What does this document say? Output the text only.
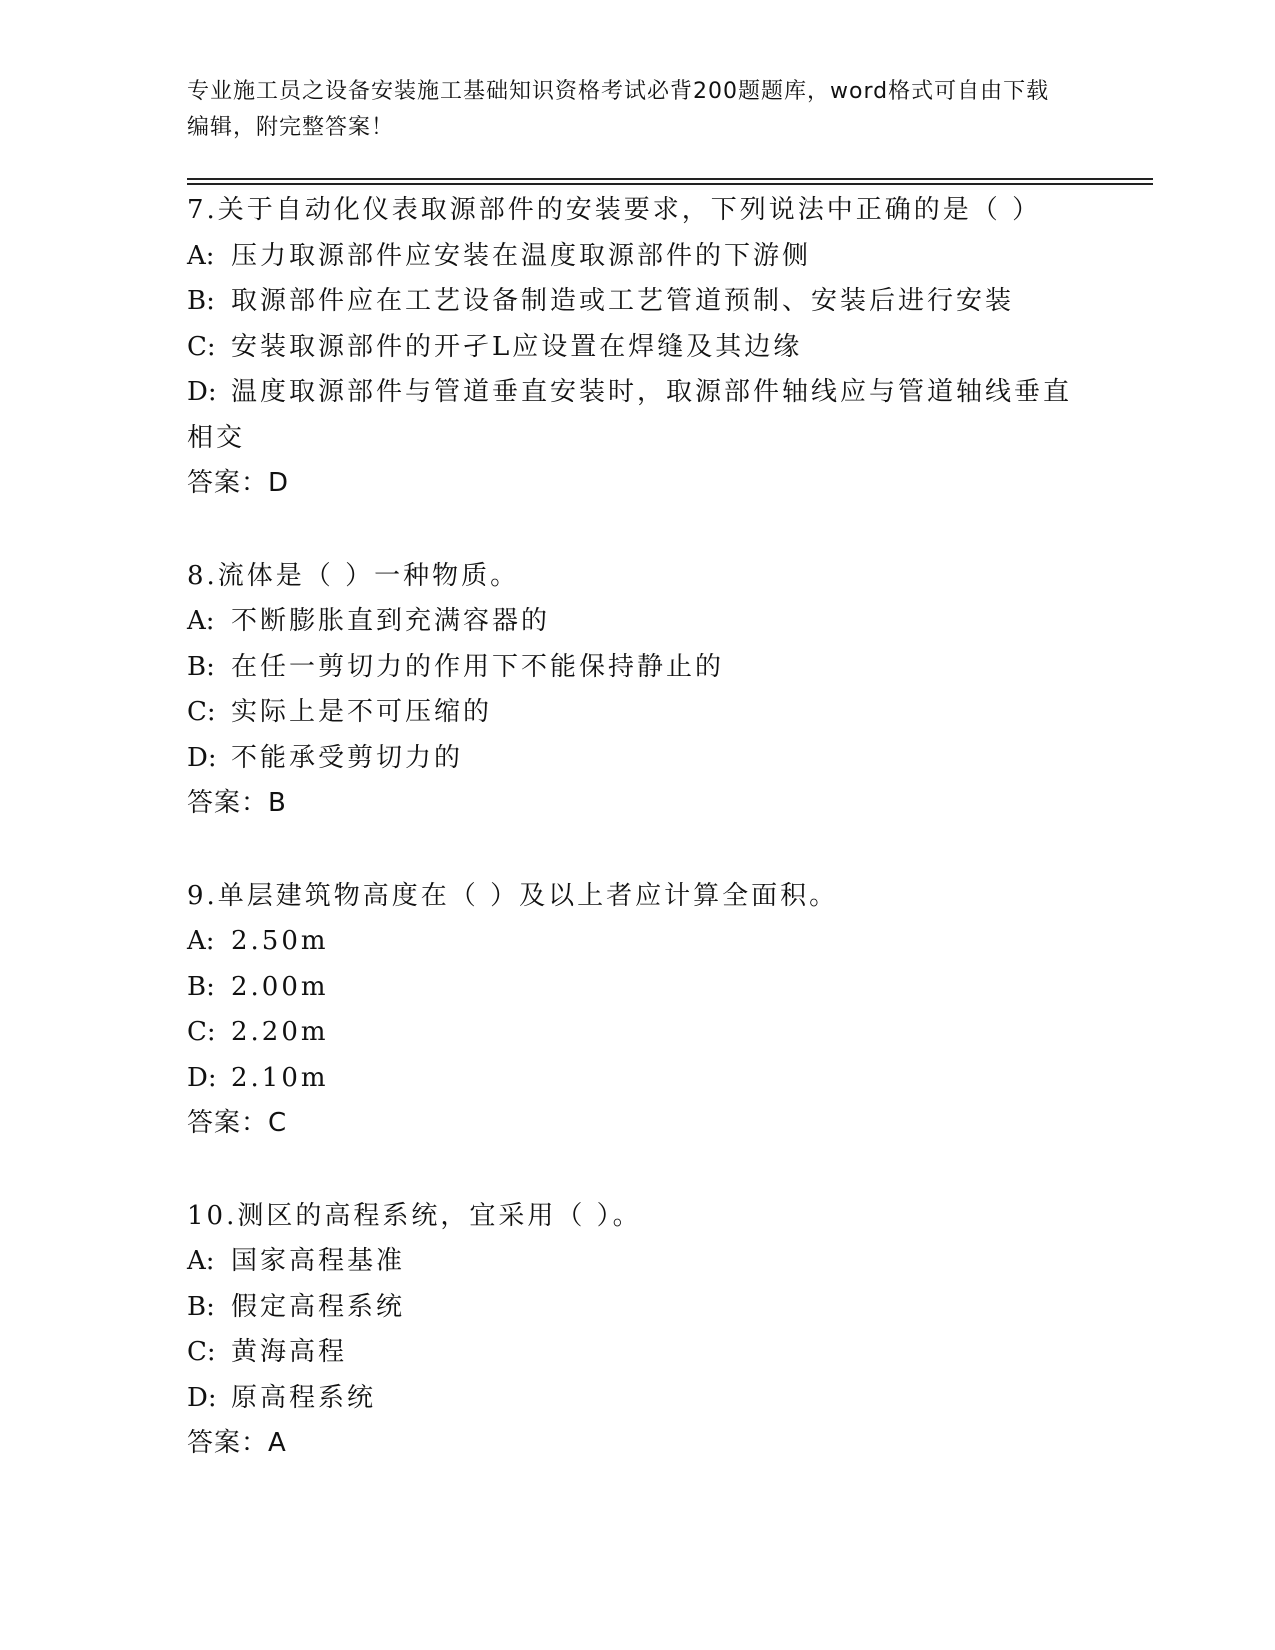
专业施工员之设备安装施工基础知识资格考试必背200题题库，word格式可自由下载编辑，附完整答案！
7.关于自动化仪表取源部件的安装要求，下列说法中正确的是（ ）
A: 压力取源部件应安装在温度取源部件的下游侧
B: 取源部件应在工艺设备制造或工艺管道预制、安装后进行安装
C: 安装取源部件的开孑L应设置在焊缝及其边缘
D: 温度取源部件与管道垂直安装时，取源部件轴线应与管道轴线垂直相交
答案：D
8.流体是（ ）一种物质。
A: 不断膨胀直到充满容器的
B: 在任一剪切力的作用下不能保持静止的
C: 实际上是不可压缩的
D: 不能承受剪切力的
答案：B
9.单层建筑物高度在（ ）及以上者应计算全面积。
A: 2.50m
B: 2.00m
C: 2.20m
D: 2.10m
答案：C
10.测区的高程系统，宜采用（ ）。
A: 国家高程基准
B: 假定高程系统
C: 黄海高程
D: 原高程系统
答案：A
